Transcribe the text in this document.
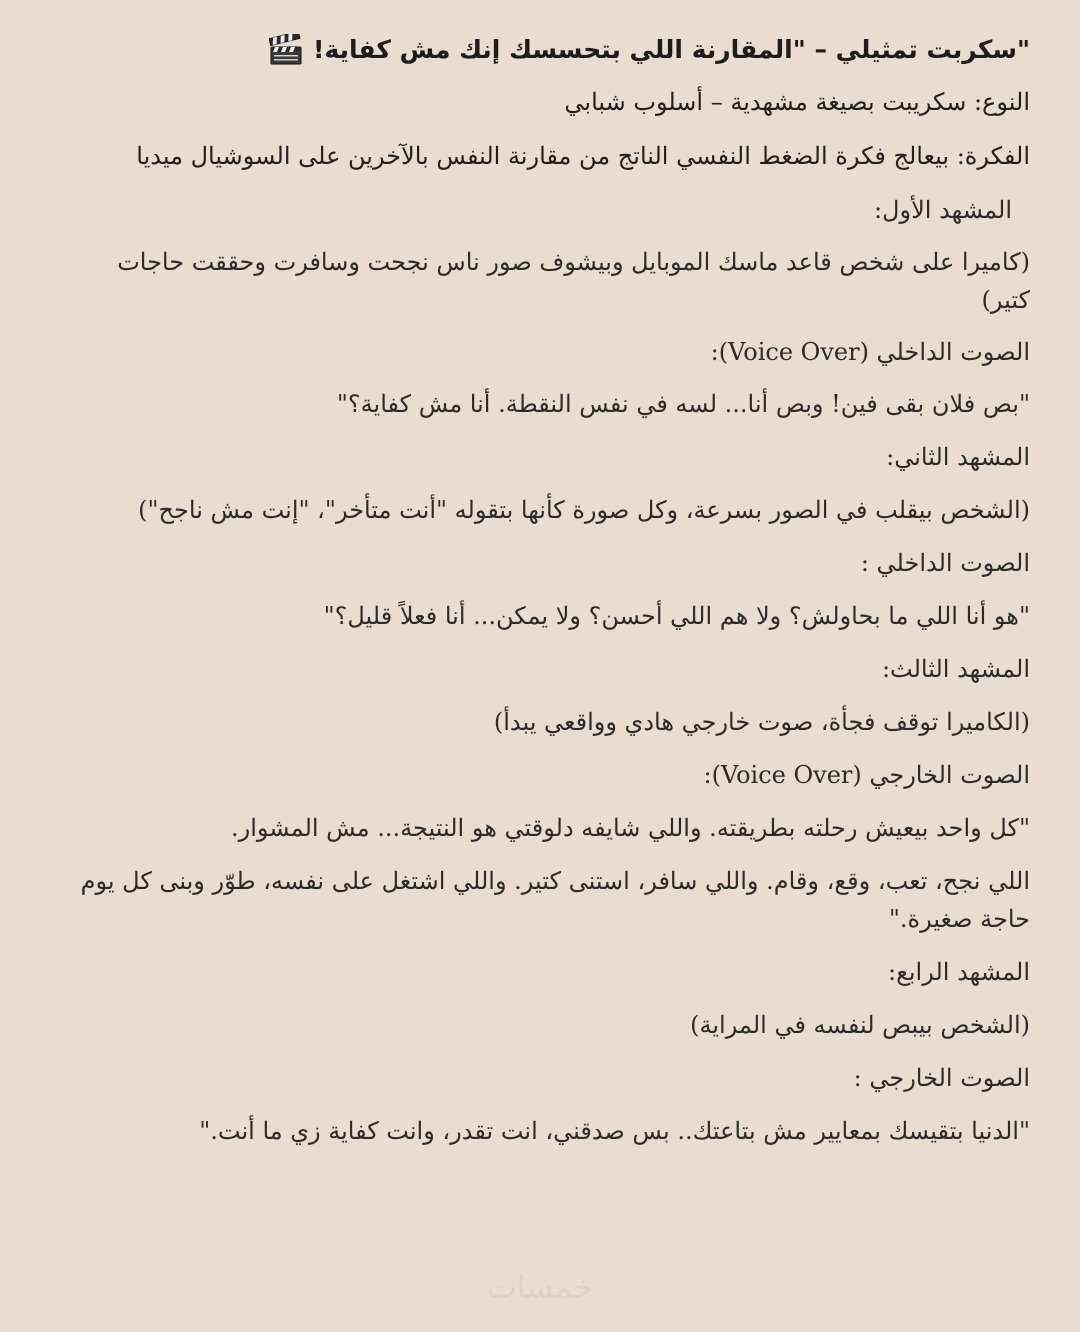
"سكربت تمثيلي – "المقارنة اللي بتحسسك إنك مش كفاية!

النوع: سكريبت بصيغة مشهدية – أسلوب شبابي

الفكرة: بيعالج فكرة الضغط النفسي الناتج من مقارنة النفس بالآخرين على السوشيال ميديا

المشهد الأول:

(كاميرا على شخص قاعد ماسك الموبايل وبيشوف صور ناس نجحت وسافرت وحققت حاجات كتير)

الصوت الداخلي (Voice Over):

"بص فلان بقى فين! وبص أنا... لسه في نفس النقطة. أنا مش كفاية؟"

المشهد الثاني:

(الشخص بيقلب في الصور بسرعة، وكل صورة كأنها بتقوله "أنت متأخر"، "إنت مش ناجح")

الصوت الداخلي :

"هو أنا اللي ما بحاولش؟ ولا هم اللي أحسن؟ ولا يمكن... أنا فعلاً قليل؟"

المشهد الثالث:

(الكاميرا توقف فجأة، صوت خارجي هادي وواقعي يبدأ)

الصوت الخارجي (Voice Over):

"كل واحد بيعيش رحلته بطريقته. واللي شايفه دلوقتي هو النتيجة... مش المشوار.

اللي نجح، تعب، وقع، وقام. واللي سافر، استنى كتير. واللي اشتغل على نفسه، طوّر وبنى كل يوم حاجة صغيرة."

المشهد الرابع:

(الشخص بيبص لنفسه في المراية)

الصوت الخارجي :

"الدنيا بتقيسك بمعايير مش بتاعتك.. بس صدقني، انت تقدر، وانت كفاية زي ما أنت."

خمسات
